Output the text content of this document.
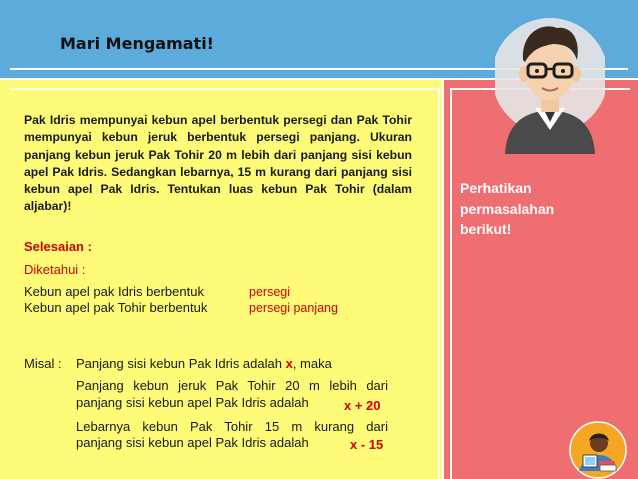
Mari Mengamati!
Pak Idris mempunyai kebun apel berbentuk persegi dan Pak Tohir mempunyai kebun jeruk berbentuk persegi panjang. Ukuran panjang kebun jeruk Pak Tohir 20 m lebih dari panjang sisi kebun apel Pak Idris. Sedangkan lebarnya, 15 m kurang dari panjang sisi kebun apel Pak Idris. Tentukan luas kebun Pak Tohir (dalam aljabar)!
Selesaian :
Diketahui :
Kebun apel pak Idris berbentuk	persegi
Kebun apel pak Tohir berbentuk	persegi panjang
Misal : Panjang sisi kebun Pak Idris adalah x, maka
Panjang kebun jeruk Pak Tohir 20 m lebih dari
panjang sisi kebun apel Pak Idris adalah	x + 20
Lebarnya kebun Pak Tohir 15 m kurang dari
panjang sisi kebun apel Pak Idris adalah	x - 15
Perhatikan
permasalahan
berikut!
